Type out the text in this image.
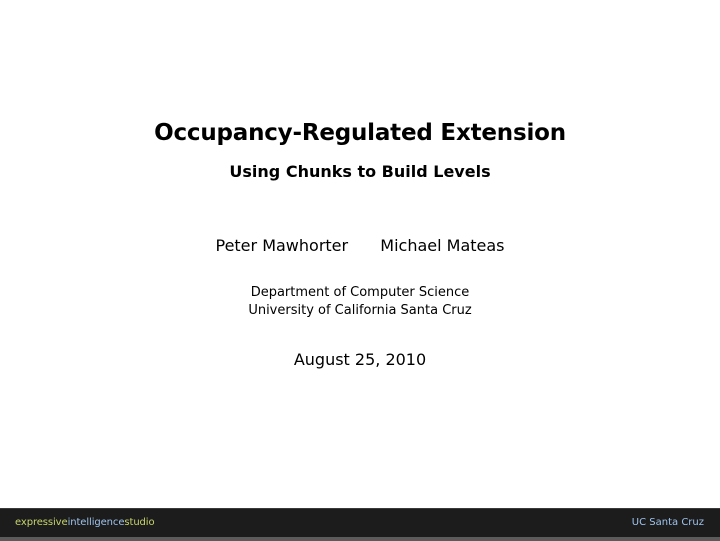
Occupancy-Regulated Extension
Using Chunks to Build Levels
Peter Mawhorter Michael Mateas
Department of Computer Science
University of California Santa Cruz
August 25, 2010
expressiveintelligencestudio	UC Santa Cruz
